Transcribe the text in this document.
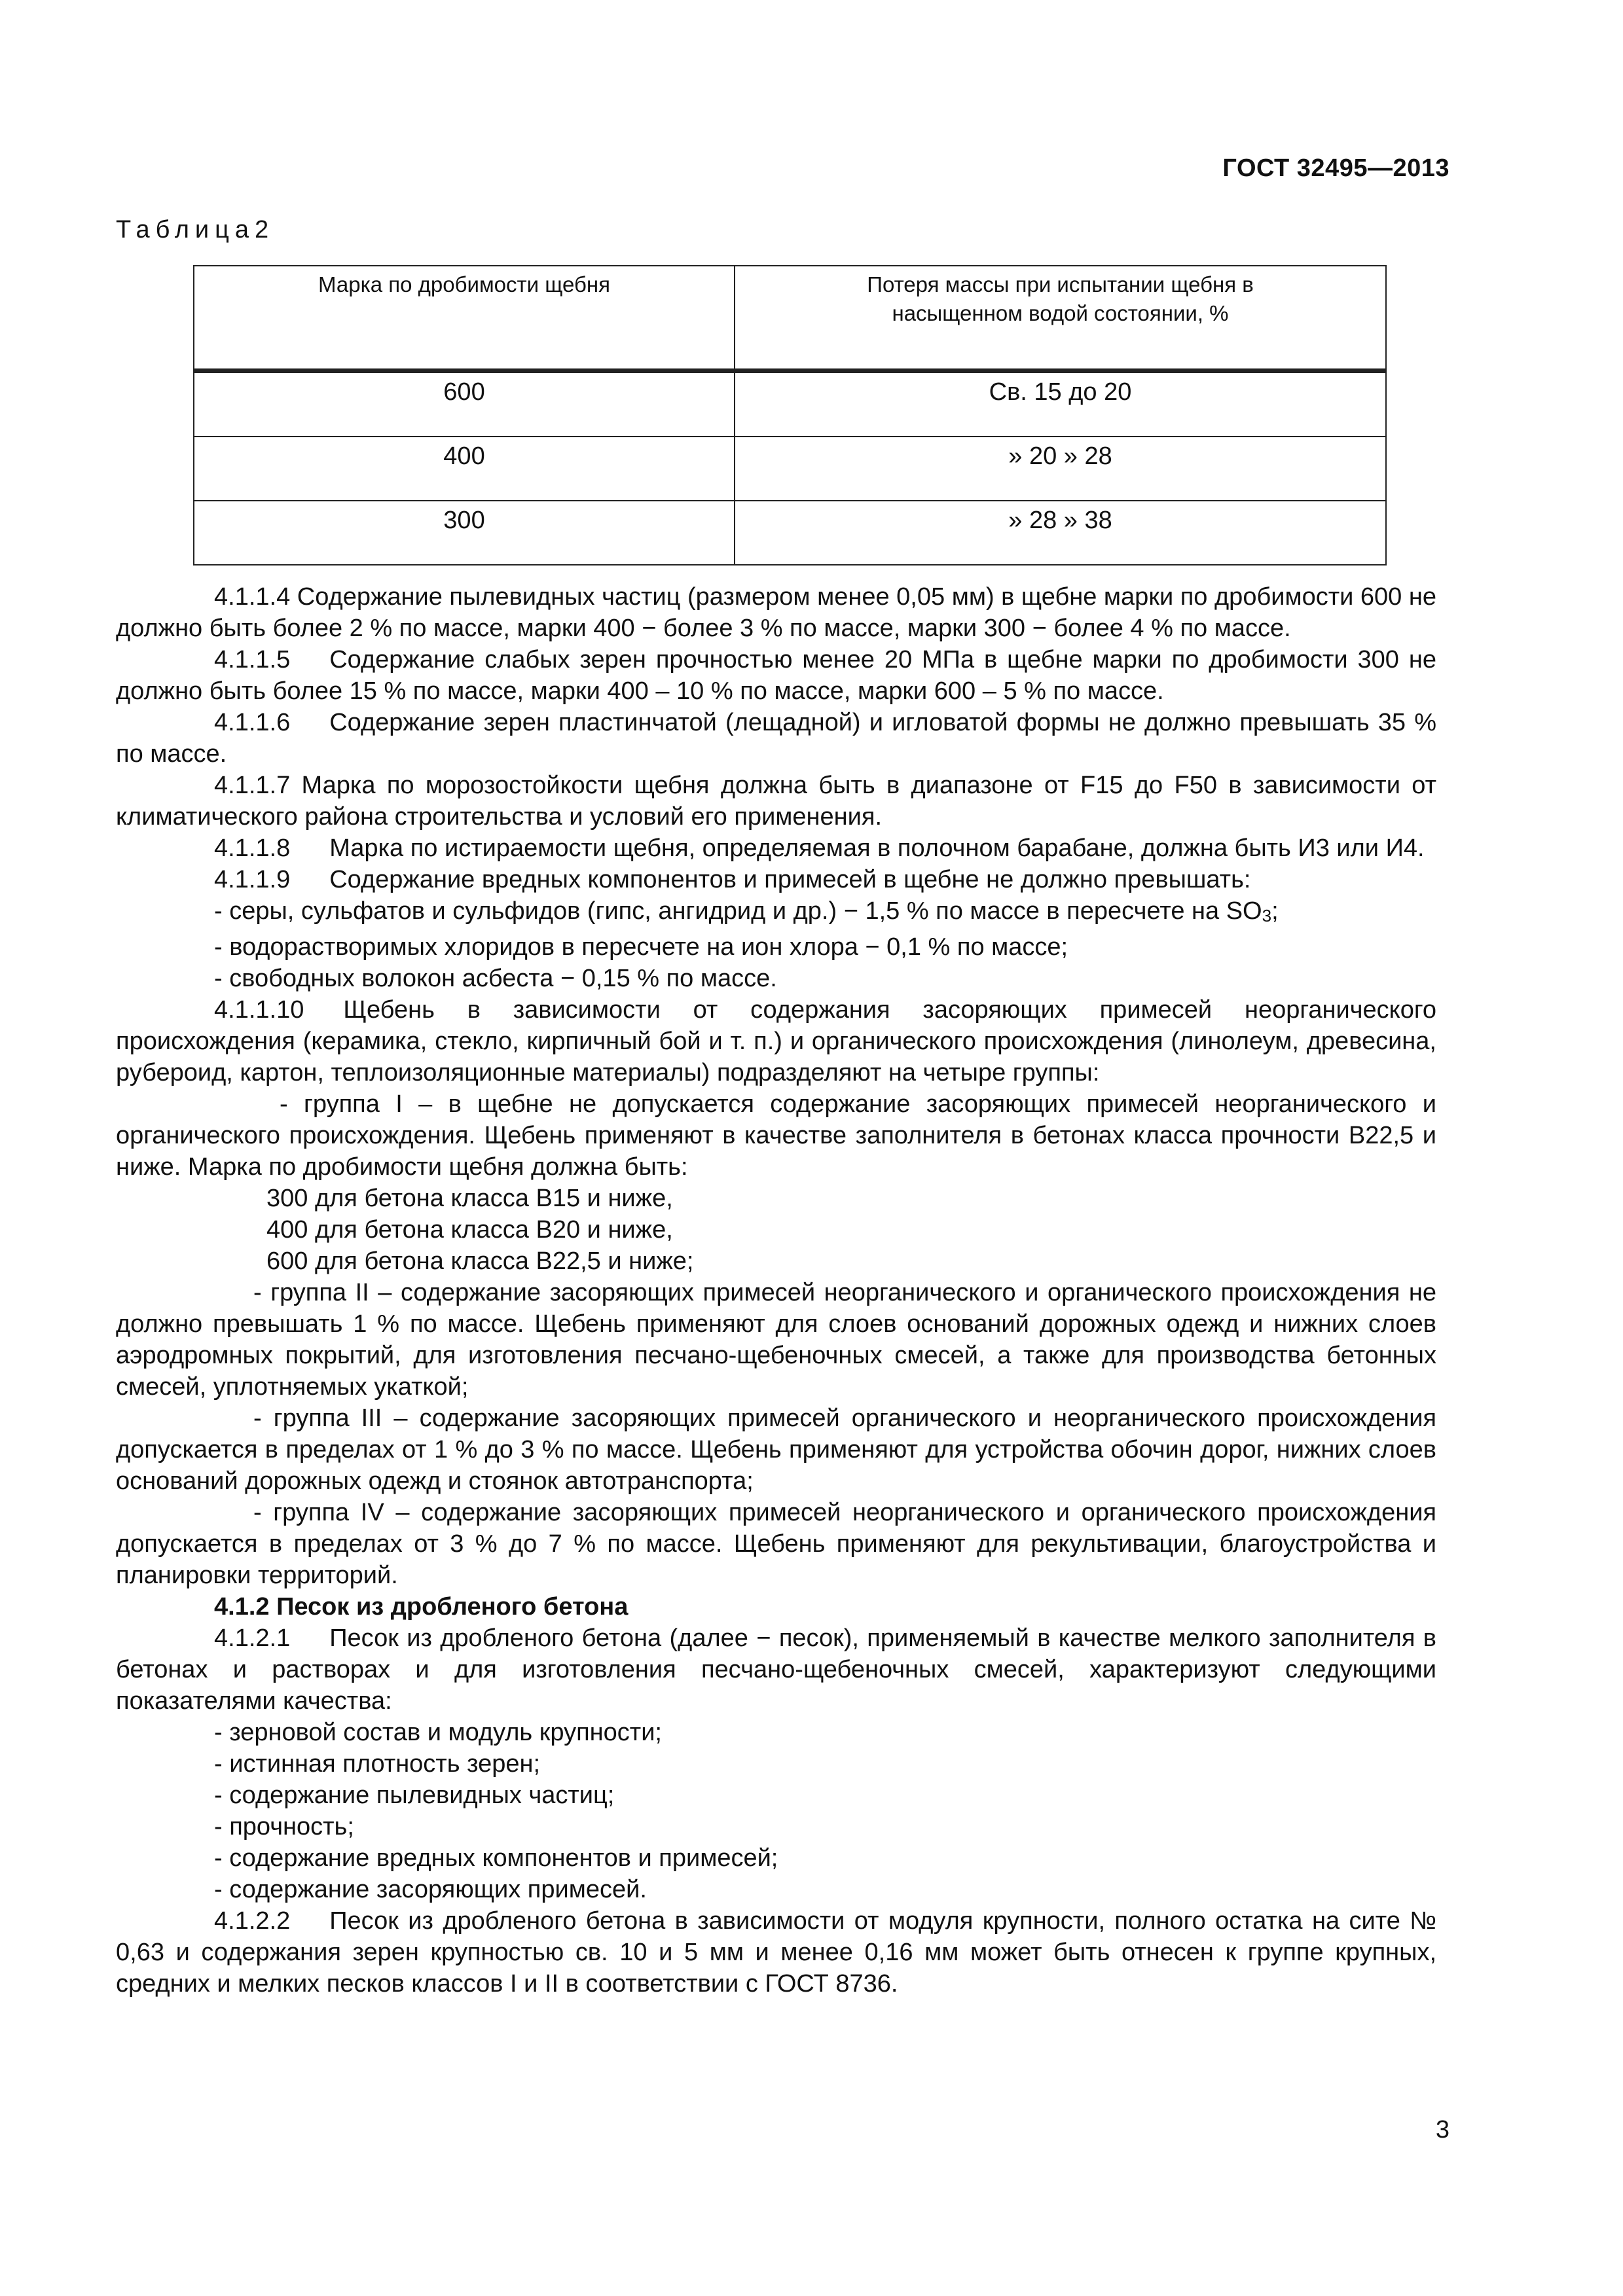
ГОСТ 32495—2013
Таблица2
Марка по дробимости щебня	Потеря массы при испытании щебня в насыщенном водой состоянии, %

600	Св. 15 до 20
400	» 20 » 28
300	» 28 » 38

4.1.1.4 Содержание пылевидных частиц (размером менее 0,05 мм) в щебне марки по дробимости 600 не должно быть более 2 % по массе, марки 400 − более 3 % по массе, марки 300 − более 4 % по массе.

4.1.1.5 Содержание слабых зерен прочностью менее 20 МПа в щебне марки по дробимости 300 не должно быть более 15 % по массе, марки 400 – 10 % по массе, марки 600 – 5 % по массе.

4.1.1.6 Содержание зерен пластинчатой (лещадной) и игловатой формы не должно превышать 35 % по массе.

4.1.1.7 Марка по морозостойкости щебня должна быть в диапазоне от F15 до F50 в зависимости от климатического района строительства и условий его применения.

4.1.1.8 Марка по истираемости щебня, определяемая в полочном барабане, должна быть И3 или И4.

4.1.1.9 Содержание вредных компонентов и примесей в щебне не должно превышать:

- серы, сульфатов и сульфидов (гипс, ангидрид и др.) − 1,5 % по массе в пересчете на $SO_3$;

- водорастворимых хлоридов в пересчете на ион хлора − 0,1 % по массе;

- свободных волокон асбеста − 0,15 % по массе.

4.1.1.10 Щебень в зависимости от содержания засоряющих примесей неорганического происхождения (керамика, стекло, кирпичный бой и т. п.) и органического происхождения (линолеум, древесина, рубероид, картон, теплоизоляционные материалы) подразделяют на четыре группы:

- группа I – в щебне не допускается содержание засоряющих примесей неорганического и органического происхождения. Щебень применяют в качестве заполнителя в бетонах класса прочности В22,5 и ниже. Марка по дробимости щебня должна быть:

300 для бетона класса В15 и ниже,

400 для бетона класса В20 и ниже,

600 для бетона класса В22,5 и ниже;

- группа II – содержание засоряющих примесей неорганического и органического происхождения не должно превышать 1 % по массе. Щебень применяют для слоев оснований дорожных одежд и нижних слоев аэродромных покрытий, для изготовления песчано-щебеночных смесей, а также для производства бетонных смесей, уплотняемых укаткой;

- группа III – содержание засоряющих примесей органического и неорганического происхождения допускается в пределах от 1 % до 3 % по массе. Щебень применяют для устройства обочин дорог, нижних слоев оснований дорожных одежд и стоянок автотранспорта;

- группа IV – содержание засоряющих примесей неорганического и органического происхождения допускается в пределах от 3 % до 7 % по массе. Щебень применяют для рекультивации, благоустройства и планировки территорий.

4.1.2 Песок из дробленого бетона

4.1.2.1 Песок из дробленого бетона (далее − песок), применяемый в качестве мелкого заполнителя в бетонах и растворах и для изготовления песчано-щебеночных смесей, характеризуют следующими показателями качества:

- зерновой состав и модуль крупности;

- истинная плотность зерен;

- содержание пылевидных частиц;

- прочность;

- содержание вредных компонентов и примесей;

- содержание засоряющих примесей.

4.1.2.2 Песок из дробленого бетона в зависимости от модуля крупности, полного остатка на сите № 0,63 и содержания зерен крупностью св. 10 и 5 мм и менее 0,16 мм может быть отнесен к группе крупных, средних и мелких песков классов I и II в соответствии с ГОСТ 8736.

3
